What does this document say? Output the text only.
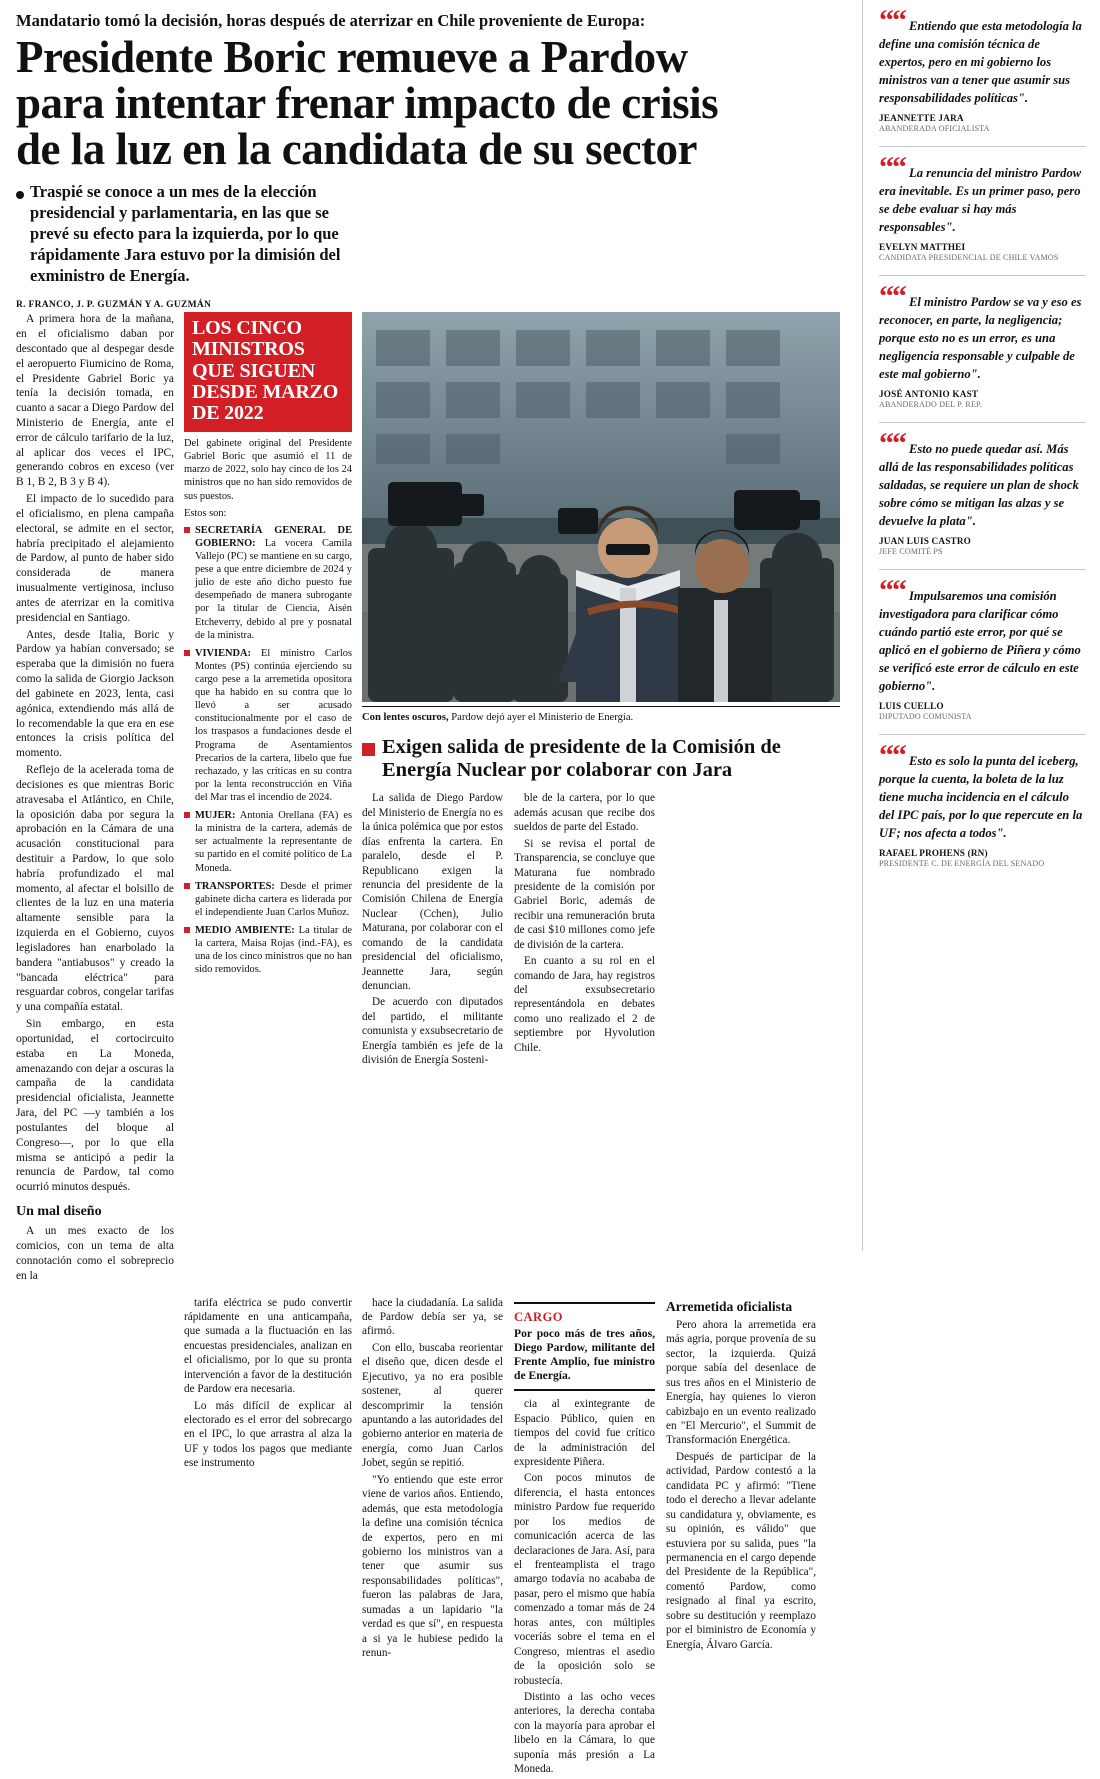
Mandatario tomó la decisión, horas después de aterrizar en Chile proveniente de Europa:
Presidente Boric remueve a Pardow
para intentar frenar impacto de crisis
de la luz en la candidata de su sector
Traspié se conoce a un mes de la elección presidencial y parlamentaria, en las que se prevé su efecto para la izquierda, por lo que rápidamente Jara estuvo por la dimisión del exministro de Energía.
R. FRANCO, J. P. GUZMÁN Y A. GUZMÁN

A primera hora de la mañana, en el oficialismo daban por descontado que al despegar desde el aeropuerto Fiumicino de Roma, el Presidente Gabriel Boric ya tenía la decisión tomada, en cuanto a sacar a Diego Pardow del Ministerio de Energía, ante el error de cálculo tarifario de la luz, al aplicar dos veces el IPC, generando cobros en exceso (ver B 1, B 2, B 3 y B 4).

El impacto de lo sucedido para el oficialismo, en plena campaña electoral, se admite en el sector, habría precipitado el alejamiento de Pardow, al punto de haber sido considerada de manera inusualmente vertiginosa, incluso antes de aterrizar en la comitiva presidencial en Santiago.

Antes, desde Italia, Boric y Pardow ya habían conversado; se esperaba que la dimisión no fuera como la salida de Giorgio Jackson del gabinete en 2023, lenta, casi agónica, extendiendo más allá de lo recomendable la que era en ese entonces la crisis política del momento.

Reflejo de la acelerada toma de decisiones es que mientras Boric atravesaba el Atlántico, en Chile, la oposición daba por segura la aprobación en la Cámara de una acusación constitucional para destituir a Pardow, lo que solo habría profundizado el mal momento, al afectar el bolsillo de clientes de la luz en una materia altamente sensible para la izquierda en el Gobierno, cuyos legisladores han enarbolado la bandera "antiabusos" y creado la "bancada eléctrica" para resguardar cobros, congelar tarifas y una compañía estatal.

Sin embargo, en esta oportunidad, el cortocircuito estaba en La Moneda, amenazando con dejar a oscuras la campaña de la candidata presidencial oficialista, Jeannette Jara, del PC —y también a los postulantes del bloque al Congreso—, por lo que ella misma se anticipó a pedir la renuncia de Pardow, tal como ocurrió minutos después.

Un mal diseño

A un mes exacto de los comicios, con un tema de alta connotación como el sobreprecio en la

LOS CINCO MINISTROS QUE SIGUEN DESDE MARZO DE 2022

Del gabinete original del Presidente Gabriel Boric que asumió el 11 de marzo de 2022, solo hay cinco de los 24 ministros que no han sido removidos de sus puestos.

Estos son:

SECRETARÍA GENERAL DE GOBIERNO: La vocera Camila Vallejo (PC) se mantiene en su cargo, pese a que entre diciembre de 2024 y julio de este año dicho puesto fue desempeñado de manera subrogante por la titular de Ciencia, Aisén Etcheverry, debido al pre y posnatal de la ministra.
VIVIENDA: El ministro Carlos Montes (PS) continúa ejerciendo su cargo pese a la arremetida opositora que ha habido en su contra que lo llevó a ser acusado constitucionalmente por el caso de los traspasos a fundaciones desde el Programa de Asentamientos Precarios de la cartera, libelo que fue rechazado, y las críticas en su contra por la lenta reconstrucción en Viña del Mar tras el incendio de 2024.
MUJER: Antonia Orellana (FA) es la ministra de la cartera, además de ser actualmente la representante de su partido en el comité político de La Moneda.
TRANSPORTES: Desde el primer gabinete dicha cartera es liderada por el independiente Juan Carlos Muñoz.
MEDIO AMBIENTE: La titular de la cartera, Maisa Rojas (ind.-FA), es una de los cinco ministros que no han sido removidos.
Con lentes oscuros, Pardow dejó ayer el Ministerio de Energía.
Exigen salida de presidente de la Comisión de Energía Nuclear por colaborar con Jara

La salida de Diego Pardow del Ministerio de Energía no es la única polémica que por estos días enfrenta la cartera. En paralelo, desde el P. Republicano exigen la renuncia del presidente de la Comisión Chilena de Energía Nuclear (Cchen), Julio Maturana, por colaborar con el comando de la candidata presidencial del oficialismo, Jeannette Jara, según denuncian.

De acuerdo con diputados del partido, el militante comunista y exsubsecretario de Energía también es jefe de la división de Energía Sosteni-

ble de la cartera, por lo que además acusan que recibe dos sueldos de parte del Estado.

Si se revisa el portal de Transparencia, se concluye que Maturana fue nombrado presidente de la comisión por Gabriel Boric, además de recibir una remuneración bruta de casi $10 millones como jefe de división de la cartera.

En cuanto a su rol en el comando de Jara, hay registros del exsubsecretario representándola en debates como uno realizado el 2 de septiembre por Hyvolution Chile.

tarifa eléctrica se pudo convertir rápidamente en una anticampaña, que sumada a la fluctuación en las encuestas presidenciales, analizan en el oficialismo, por lo que su pronta intervención a favor de la destitución de Pardow era necesaria.

Lo más difícil de explicar al electorado es el error del sobrecargo en el IPC, lo que arrastra al alza la UF y todos los pagos que mediante ese instrumento

hace la ciudadanía. La salida de Pardow debía ser ya, se afirmó.

Con ello, buscaba reorientar el diseño que, dicen desde el Ejecutivo, ya no era posible sostener, al querer descomprimir la tensión apuntando a las autoridades del gobierno anterior en materia de energía, como Juan Carlos Jobet, según se repitió.

"Yo entiendo que este error viene de varios años. Entiendo, además, que esta metodología la define una comisión técnica de expertos, pero en mi gobierno los ministros van a tener que asumir sus responsabilidades políticas", fueron las palabras de Jara, sumadas a un lapidario "la verdad es que sí", en respuesta a si ya le hubiese pedido la renun-

CARGO
Por poco más de tres años, Diego Pardow, militante del Frente Amplio, fue ministro de Energía.

cia al exintegrante de Espacio Público, quien en tiempos del covid fue crítico de la administración del expresidente Piñera.

Con pocos minutos de diferencia, el hasta entonces ministro Pardow fue requerido por los medios de comunicación acerca de las declaraciones de Jara. Así, para el frenteamplista el trago amargo todavía no acababa de pasar, pero el mismo que había comenzado a tomar más de 24 horas antes, con múltiples voceríás sobre el tema en el Congreso, mientras el asedio de la oposición solo se robustecía.

Distinto a las ocho veces anteriores, la derecha contaba con la mayoría para aprobar el libelo en la Cámara, lo que suponía más presión a La Moneda.

Arremetida oficialista

Pero ahora la arremetida era más agria, porque provenía de su sector, la izquierda. Quizá porque sabía del desenlace de sus tres años en el Ministerio de Energía, hay quienes lo vieron cabizbajo en un evento realizado en "El Mercurio", el Summit de Transformación Energética.

Después de participar de la actividad, Pardow contestó a la candidata PC y afirmó: "Tiene todo el derecho a llevar adelante su candidatura y, obviamente, es su opinión, es válido" que estuviera por su salida, pues "la permanencia en el cargo depende del Presidente de la República", comentó Pardow, como resignado al final ya escrito, sobre su destitución y reemplazo por el biministro de Economía y Energía, Álvaro García.

““ Entiendo que esta metodología la define una comisión técnica de expertos, pero en mi gobierno los ministros van a tener que asumir sus responsabilidades políticas".
JEANNETTE JARA
ABANDERADA OFICIALISTA
““ La renuncia del ministro Pardow era inevitable. Es un primer paso, pero se debe evaluar si hay más responsables".
EVELYN MATTHEI
CANDIDATA PRESIDENCIAL DE CHILE VAMOS
““ El ministro Pardow se va y eso es reconocer, en parte, la negligencia; porque esto no es un error, es una negligencia responsable y culpable de este mal gobierno".
JOSÉ ANTONIO KAST
ABANDERADO DEL P. REP.
““ Esto no puede quedar así. Más allá de las responsabilidades políticas saldadas, se requiere un plan de shock sobre cómo se mitigan las alzas y se devuelve la plata".
JUAN LUIS CASTRO
JEFE COMITÉ PS
““ Impulsaremos una comisión investigadora para clarificar cómo cuándo partió este error, por qué se aplicó en el gobierno de Piñera y cómo se verificó este error de cálculo en este gobierno".
LUIS CUELLO
DIPUTADO COMUNISTA
““ Esto es solo la punta del iceberg, porque la cuenta, la boleta de la luz tiene mucha incidencia en el cálculo del IPC país, por lo que repercute en la UF; nos afecta a todos".
RAFAEL PROHENS (RN)
PRESIDENTE C. DE ENERGÍA DEL SENADO
